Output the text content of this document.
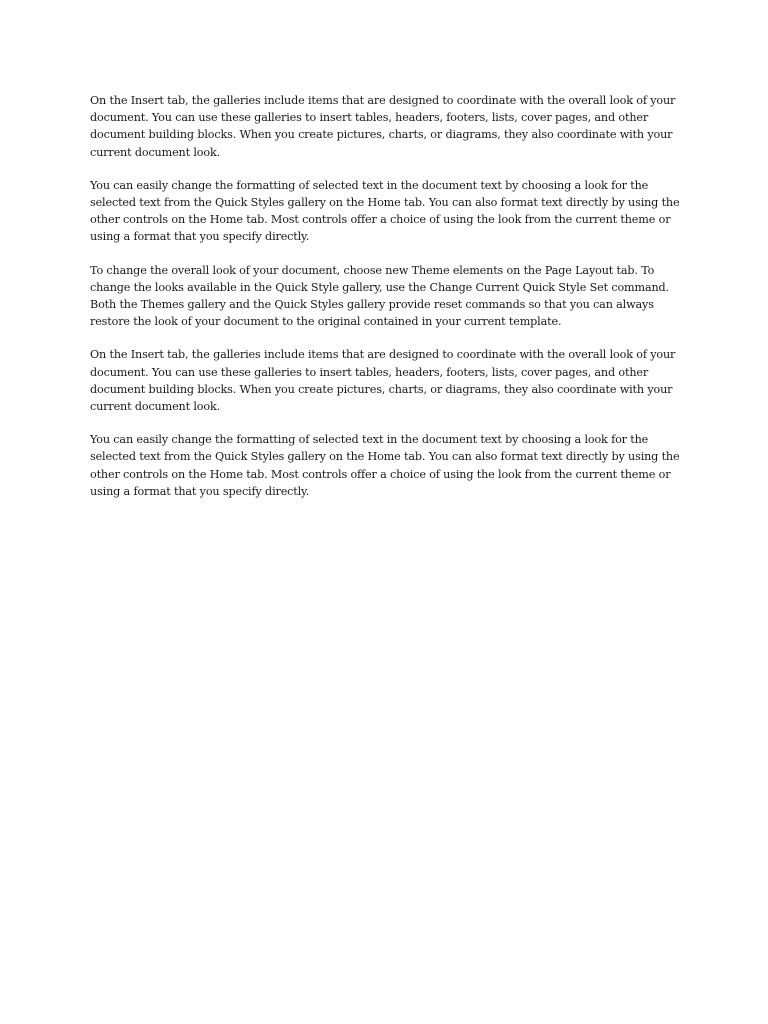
On the Insert tab, the galleries include items that are designed to coordinate with the overall look of your document. You can use these galleries to insert tables, headers, footers, lists, cover pages, and other document building blocks. When you create pictures, charts, or diagrams, they also coordinate with your current document look.

You can easily change the formatting of selected text in the document text by choosing a look for the selected text from the Quick Styles gallery on the Home tab. You can also format text directly by using the other controls on the Home tab. Most controls offer a choice of using the look from the current theme or using a format that you specify directly.

To change the overall look of your document, choose new Theme elements on the Page Layout tab. To change the looks available in the Quick Style gallery, use the Change Current Quick Style Set command. Both the Themes gallery and the Quick Styles gallery provide reset commands so that you can always restore the look of your document to the original contained in your current template.

On the Insert tab, the galleries include items that are designed to coordinate with the overall look of your document. You can use these galleries to insert tables, headers, footers, lists, cover pages, and other document building blocks. When you create pictures, charts, or diagrams, they also coordinate with your current document look.

You can easily change the formatting of selected text in the document text by choosing a look for the selected text from the Quick Styles gallery on the Home tab. You can also format text directly by using the other controls on the Home tab. Most controls offer a choice of using the look from the current theme or using a format that you specify directly.
